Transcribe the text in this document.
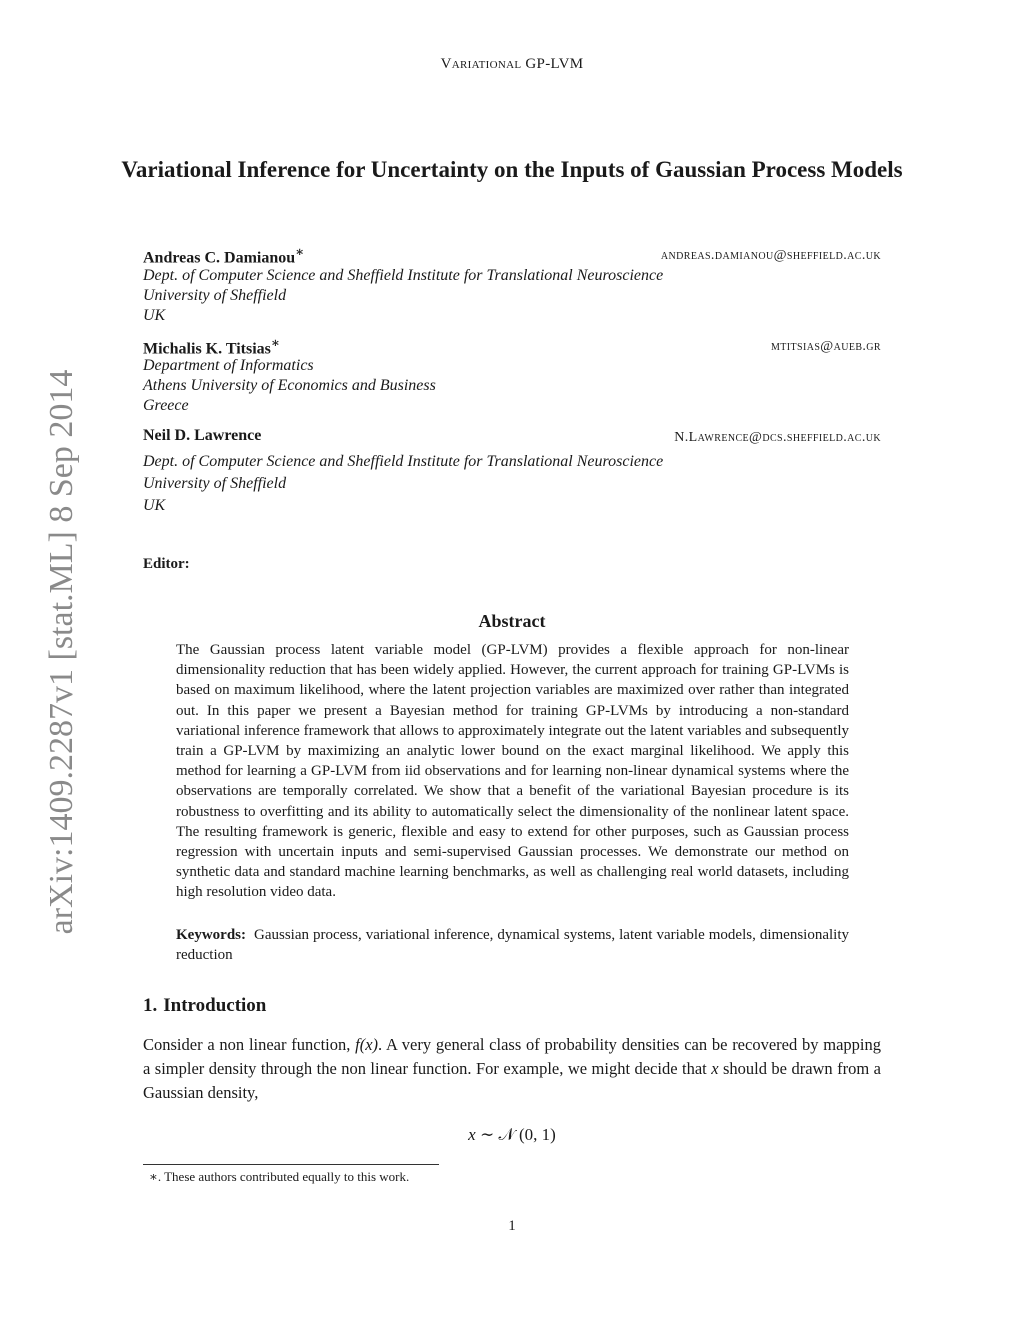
Variational GP-LVM
arXiv:1409.2287v1 [stat.ML] 8 Sep 2014
Variational Inference for Uncertainty on the Inputs of Gaussian Process Models
Andreas C. Damianou∗	andreas.damianou@sheffield.ac.uk
Dept. of Computer Science and Sheffield Institute for Translational Neuroscience
University of Sheffield
UK
Michalis K. Titsias∗	mtitsias@aueb.gr
Department of Informatics
Athens University of Economics and Business
Greece
Neil D. Lawrence	N.Lawrence@dcs.sheffield.ac.uk
Dept. of Computer Science and Sheffield Institute for Translational Neuroscience
University of Sheffield
UK
Editor:
Abstract
The Gaussian process latent variable model (GP-LVM) provides a flexible approach for non-linear dimensionality reduction that has been widely applied. However, the current approach for training GP-LVMs is based on maximum likelihood, where the latent projection variables are maximized over rather than integrated out. In this paper we present a Bayesian method for training GP-LVMs by introducing a non-standard variational inference framework that allows to approximately integrate out the latent variables and subsequently train a GP-LVM by maximizing an analytic lower bound on the exact marginal likelihood. We apply this method for learning a GP-LVM from iid observations and for learning non-linear dynamical systems where the observations are temporally correlated. We show that a benefit of the variational Bayesian procedure is its robustness to overfitting and its ability to automatically select the dimensionality of the nonlinear latent space. The resulting framework is generic, flexible and easy to extend for other purposes, such as Gaussian process regression with uncertain inputs and semi-supervised Gaussian processes. We demonstrate our method on synthetic data and standard machine learning benchmarks, as well as challenging real world datasets, including high resolution video data.
Keywords: Gaussian process, variational inference, dynamical systems, latent variable models, dimensionality reduction
1. Introduction
Consider a non linear function, f(x). A very general class of probability densities can be recovered by mapping a simpler density through the non linear function. For example, we might decide that x should be drawn from a Gaussian density,
x ∼ 𝒩 (0, 1)
∗. These authors contributed equally to this work.
1
